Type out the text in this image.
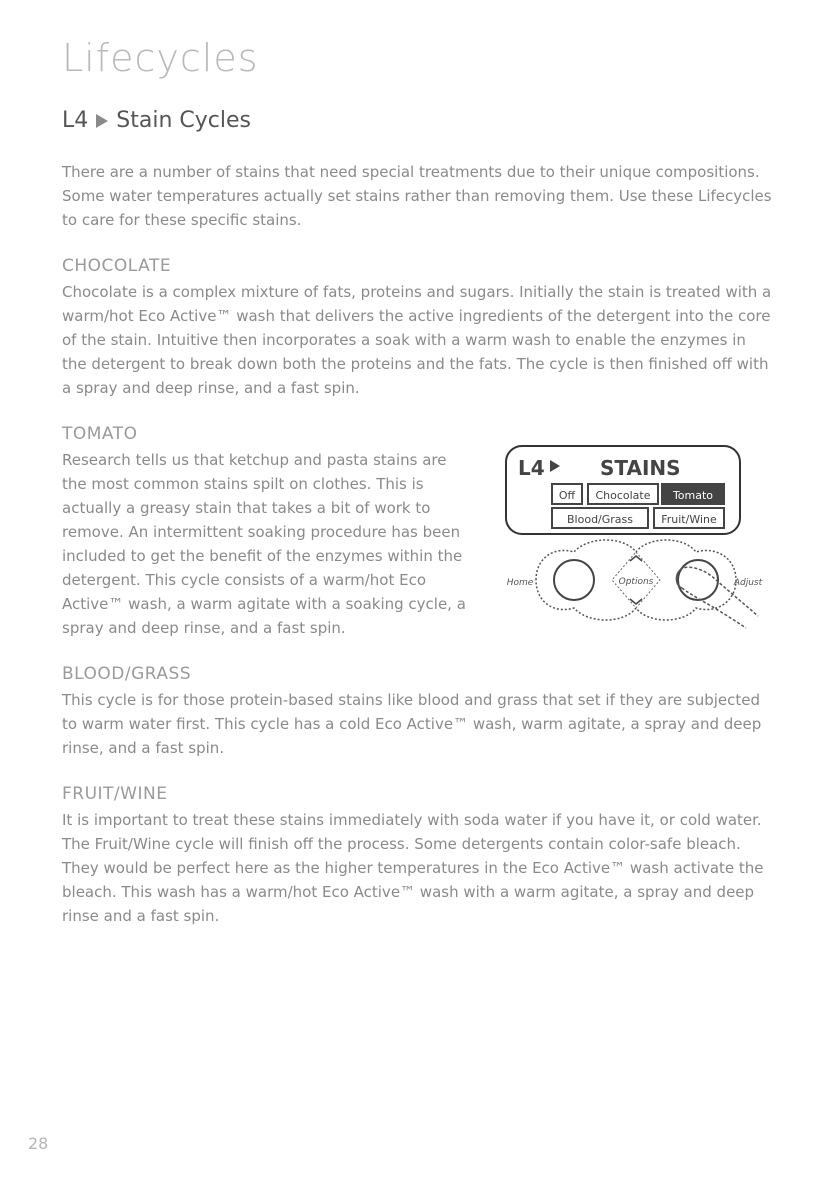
Lifecycles
L4 Stain Cycles

There are a number of stains that need special treatments due to their unique compositions. Some water temperatures actually set stains rather than removing them. Use these Lifecycles to care for these specific stains.

CHOCOLATE

Chocolate is a complex mixture of fats, proteins and sugars. Initially the stain is treated with a warm/hot Eco Active™ wash that delivers the active ingredients of the detergent into the core of the stain. Intuitive then incorporates a soak with a warm wash to enable the enzymes in the detergent to break down both the proteins and the fats. The cycle is then finished off with a spray and deep rinse, and a fast spin.

TOMATO

Research tells us that ketchup and pasta stains are the most common stains spilt on clothes. This is actually a greasy stain that takes a bit of work to remove. An intermittent soaking procedure has been included to get the benefit of the enzymes within the detergent. This cycle consists of a warm/hot Eco Active™ wash, a warm agitate with a soaking cycle, a spray and deep rinse, and a fast spin.

L4	STAINS
Off Chocolate Tomato
Blood/Grass	Fruit/Wine
Home	Options	Adjust
BLOOD/GRASS

This cycle is for those protein-based stains like blood and grass that set if they are subjected to warm water first. This cycle has a cold Eco Active™ wash, warm agitate, a spray and deep rinse, and a fast spin.

FRUIT/WINE

It is important to treat these stains immediately with soda water if you have it, or cold water. The Fruit/Wine cycle will finish off the process. Some detergents contain color-safe bleach. They would be perfect here as the higher temperatures in the Eco Active™ wash activate the bleach. This wash has a warm/hot Eco Active™ wash with a warm agitate, a spray and deep rinse and a fast spin.

28
